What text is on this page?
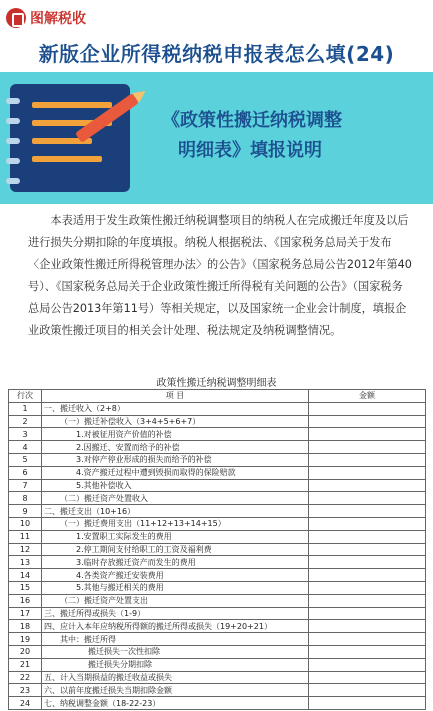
图解税收
新版企业所得税纳税申报表怎么填(24)
《政策性搬迁纳税调整
明细表》填报说明
本表适用于发生政策性搬迁纳税调整项目的纳税人在完成搬迁年度及以后进行损失分期扣除的年度填报。纳税人根据税法、《国家税务总局关于发布〈企业政策性搬迁所得税管理办法〉的公告》（国家税务总局公告2012年第40号）、《国家税务总局关于企业政策性搬迁所得税有关问题的公告》（国家税务总局公告2013年第11号）等相关规定，以及国家统一企业会计制度，填报企业政策性搬迁项目的相关会计处理、税法规定及纳税调整情况。
政策性搬迁纳税调整明细表
行次	项 目	金额
1	一、搬迁收入（2+8）	
2	（一）搬迁补偿收入（3+4+5+6+7）	
3	1.对被征用资产价值的补偿	
4	2.因搬迁、安置而给予的补偿	
5	3.对停产停业形成的损失而给予的补偿	
6	4.资产搬迁过程中遭到毁损而取得的保险赔款	
7	5.其他补偿收入	
8	（二）搬迁资产处置收入	
9	二、搬迁支出（10+16）	
10	（一）搬迁费用支出（11+12+13+14+15）	
11	1.安置职工实际发生的费用	
12	2.停工期间支付给职工的工资及福利费	
13	3.临时存放搬迁资产而发生的费用	
14	4.各类资产搬迁安装费用	
15	5.其他与搬迁相关的费用	
16	（二）搬迁资产处置支出	
17	三、搬迁所得或损失（1-9）	
18	四、应计入本年应纳税所得额的搬迁所得或损失（19+20+21）	
19	其中：搬迁所得	
20	搬迁损失一次性扣除	
21	搬迁损失分期扣除	
22	五、计入当期损益的搬迁收益或损失	
23	六、以前年度搬迁损失当期扣除金额	
24	七、纳税调整金额（18-22-23）	
